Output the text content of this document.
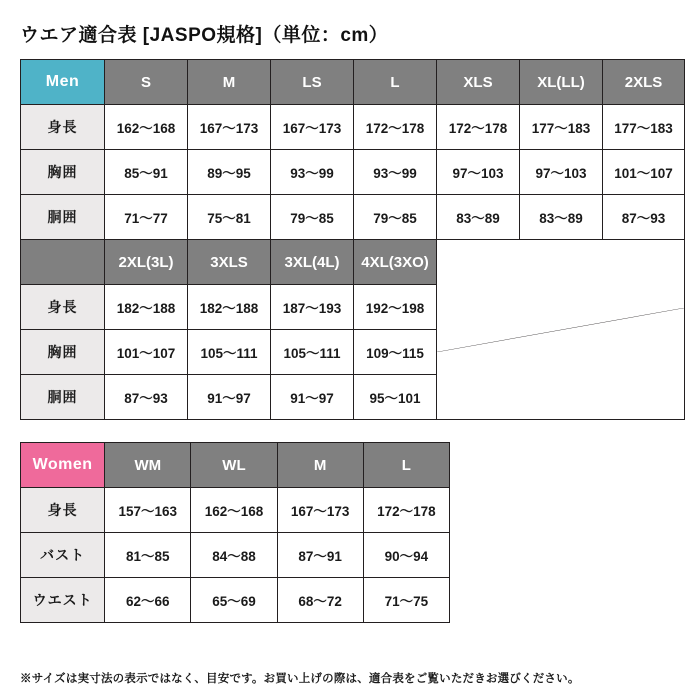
ウエア適合表 [JASPO規格]（単位：cm）
Men	S	M	LS	L	XLS	XL(LL)	2XLS
身長	162〜168	167〜173	167〜173	172〜178	172〜178	177〜183	177〜183
胸囲	85〜91	89〜95	93〜99	93〜99	97〜103	97〜103	101〜107
胴囲	71〜77	75〜81	79〜85	79〜85	83〜89	83〜89	87〜93
	2XL(3L)	3XLS	3XL(4L)	4XL(3XO)	

身長	182〜188	182〜188	187〜193	192〜198			
胸囲	101〜107	105〜111	105〜111	109〜115			
胴囲	87〜93	91〜97	91〜97	95〜101			
Women	WM	WL	M	L
身長	157〜163	162〜168	167〜173	172〜178
バスト	81〜85	84〜88	87〜91	90〜94
ウエスト	62〜66	65〜69	68〜72	71〜75
※サイズは実寸法の表示ではなく、目安です。お買い上げの際は、適合表をご覧いただきお選びください。
